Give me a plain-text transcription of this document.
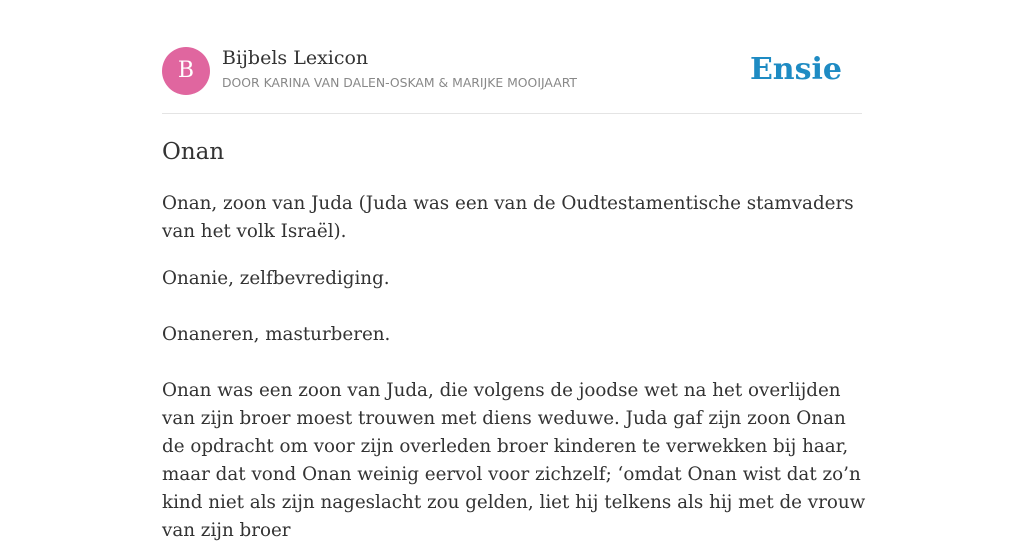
B	Bijbels Lexicon
DOOR KARINA VAN DALEN-OSKAM & MARIJKE MOOIJAART	Ensie
Onan

Onan, zoon van Juda (Juda was een van de Oudtestamentische stamvaders van het volk Israël).

Onanie, zelfbevrediging.

Onaneren, masturberen.

Onan was een zoon van Juda, die volgens de joodse wet na het overlijden van zijn broer moest trouwen met diens weduwe. Juda gaf zijn zoon Onan de opdracht om voor zijn overleden broer kinderen te verwekken bij haar, maar dat vond Onan weinig eervol voor zichzelf; ‘omdat Onan wist dat zo’n kind niet als zijn nageslacht zou gelden, liet hij telkens als hij met de vrouw van zijn broer
